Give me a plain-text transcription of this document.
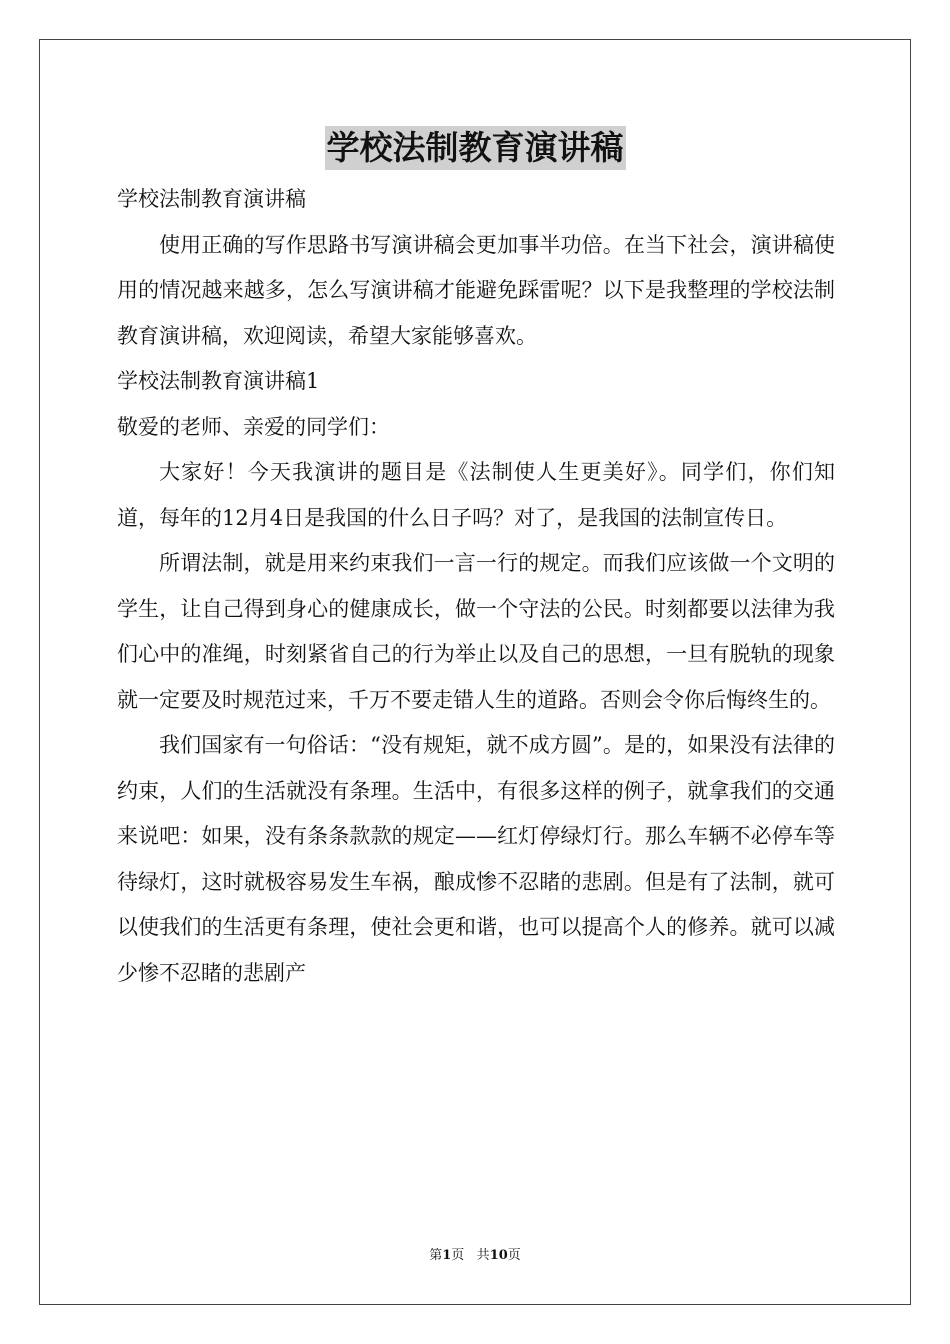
学校法制教育演讲稿

学校法制教育演讲稿

使用正确的写作思路书写演讲稿会更加事半功倍。在当下社会，演讲稿使用的情况越来越多，怎么写演讲稿才能避免踩雷呢？以下是我整理的学校法制教育演讲稿，欢迎阅读，希望大家能够喜欢。

学校法制教育演讲稿1

敬爱的老师、亲爱的同学们：

大家好！今天我演讲的题目是《法制使人生更美好》。同学们，你们知道，每年的12月4日是我国的什么日子吗？对了，是我国的法制宣传日。

所谓法制，就是用来约束我们一言一行的规定。而我们应该做一个文明的学生，让自己得到身心的健康成长，做一个守法的公民。时刻都要以法律为我们心中的准绳，时刻紧省自己的行为举止以及自己的思想，一旦有脱轨的现象就一定要及时规范过来，千万不要走错人生的道路。否则会令你后悔终生的。

我们国家有一句俗话：“没有规矩，就不成方圆”。是的，如果没有法律的约束，人们的生活就没有条理。生活中，有很多这样的例子，就拿我们的交通来说吧：如果，没有条条款款的规定——红灯停绿灯行。那么车辆不必停车等待绿灯，这时就极容易发生车祸，酿成惨不忍睹的悲剧。但是有了法制，就可以使我们的生活更有条理，使社会更和谐，也可以提高个人的修养。就可以减少惨不忍睹的悲剧产

第1页 共10页
